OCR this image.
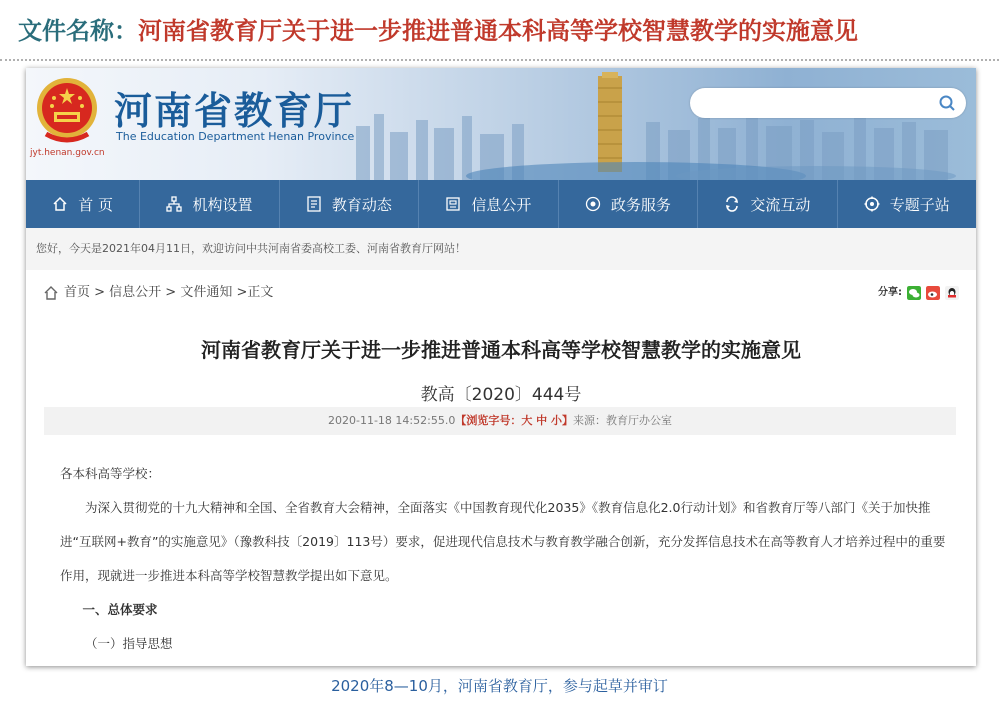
文件名称：河南省教育厅关于进一步推进普通本科高等学校智慧教学的实施意见
河南省教育厅
The Education Department Henan Province
jyt.henan.gov.cn
首 页	机构设置	教育动态	信息公开	政务服务	交流互动	专题子站
您好，今天是2021年04月11日，欢迎访问中共河南省委高校工委、河南省教育厅网站！
首页 > 信息公开 > 文件通知 >正文	分享:
河南省教育厅关于进一步推进普通本科高等学校智慧教学的实施意见
教高〔2020〕444号
2020-11-18 14:52:55.0【浏览字号：大 中 小】来源：教育厅办公室

各本科高等学校：

为深入贯彻党的十九大精神和全国、全省教育大会精神，全面落实《中国教育现代化2035》《教育信息化2.0行动计划》和省教育厅等八部门《关于加快推进“互联网+教育”的实施意见》（豫教科技〔2019〕113号）要求，促进现代信息技术与教育教学融合创新，充分发挥信息技术在高等教育人才培养过程中的重要作用，现就进一步推进本科高等学校智慧教学提出如下意见。

一、总体要求

（一）指导思想

2020年8—10月，河南省教育厅，参与起草并审订
